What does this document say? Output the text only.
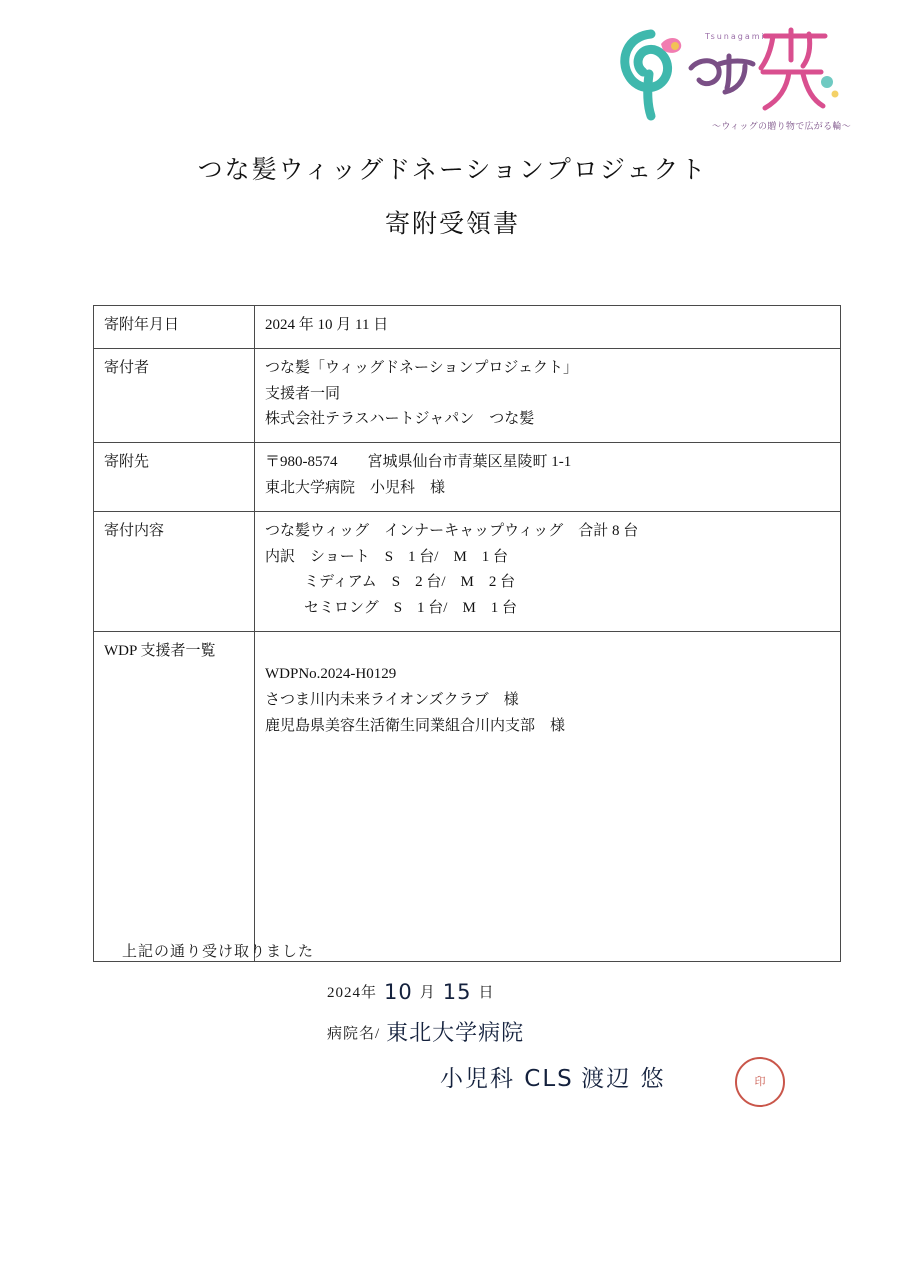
Tsunagami
〜ウィッグの贈り物で広がる輪〜
つな髪ウィッグドネーションプロジェクト
寄附受領書
寄附年月日	2024 年 10 月 11 日

寄付者	つな髪「ウィッグドネーションプロジェクト」
支援者一同
株式会社テラスハートジャパン　つな髪

寄附先	〒980-8574　　宮城県仙台市青葉区星陵町 1-1
東北大学病院　小児科　様

寄付内容	つな髪ウィッグ　インナーキャップウィッグ　合計 8 台
内訳　ショート　S　1 台/　M　1 台
ミディアム　S　2 台/　M　2 台
セミロング　S　1 台/　M　1 台

WDP 支援者一覧	WDPNo.2024-H0129
さつま川内未来ライオンズクラブ　様
鹿児島県美容生活衛生同業組合川内支部　様
上記の通り受け取りました
2024年 10 月 15 日
病院名/ 東北大学病院
小児科 CLS 渡辺 悠	印
